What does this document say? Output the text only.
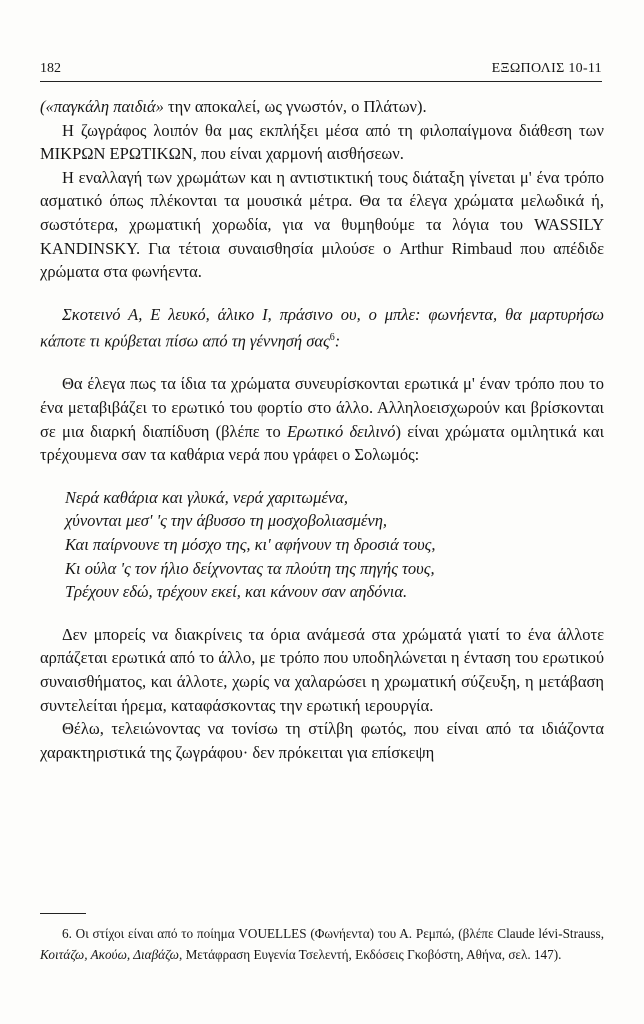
182	ΕΞΩΠΟΛΙΣ 10-11

(«παγκάλη παιδιά» την αποκαλεί, ως γνωστόν, ο Πλάτων).

Η ζωγράφος λοιπόν θα μας εκπλήξει μέσα από τη φιλοπαίγμονα διάθεση των ΜΙΚΡΩΝ ΕΡΩΤΙΚΩΝ, που είναι χαρμονή αισθήσεων.

Η εναλλαγή των χρωμάτων και η αντιστικτική τους διάταξη γίνεται μ' ένα τρόπο ασματικό όπως πλέκονται τα μουσικά μέτρα. Θα τα έλεγα χρώματα μελωδικά ή, σωστότερα, χρωματική χορωδία, για να θυμηθούμε τα λόγια του WASSILY KANDINSKY. Για τέτοια συναισθησία μιλούσε ο Arthur Rimbaud που απέδιδε χρώματα στα φωνήεντα.

Σκοτεινό Α, Ε λευκό, άλικο Ι, πράσινο ου, ο μπλε: φωνήεντα, θα μαρτυρήσω κάποτε τι κρύβεται πίσω από τη γέννησή σας$^6$:

Θα έλεγα πως τα ίδια τα χρώματα συνευρίσκονται ερωτικά μ' έναν τρόπο που το ένα μεταβιβάζει το ερωτικό του φορτίο στο άλλο. Αλληλοεισχωρούν και βρίσκονται σε μια διαρκή διαπίδυση (βλέπε το Ερωτικό δειλινό) είναι χρώματα ομιλητικά και τρέχουμενα σαν τα καθάρια νερά που γράφει ο Σολωμός:

Νερά καθάρια και γλυκά, νερά χαριτωμένα,
χύνονται μεσ' 'ς την άβυσσο τη μοσχοβολιασμένη,
Και παίρνουνε τη μόσχο της, κι' αφήνουν τη δροσιά τους,
Κι ούλα 'ς τον ήλιο δείχνοντας τα πλούτη της πηγής τους,
Τρέχουν εδώ, τρέχουν εκεί, και κάνουν σαν αηδόνια.

Δεν μπορείς να διακρίνεις τα όρια ανάμεσά στα χρώματά γιατί το ένα άλλοτε αρπάζεται ερωτικά από το άλλο, με τρόπο που υποδηλώνεται η ένταση του ερωτικού συναισθήματος, και άλλοτε, χωρίς να χαλαρώσει η χρωματική σύζευξη, η μετάβαση συντελείται ήρεμα, καταφάσκοντας την ερωτική ιερουργία.

Θέλω, τελειώνοντας να τονίσω τη στίλβη φωτός, που είναι από τα ιδιάζοντα χαρακτηριστικά της ζωγράφου· δεν πρόκειται για επίσκεψη

6. Οι στίχοι είναι από το ποίημα VOUELLES (Φωνήεντα) του Α. Ρεμπώ, (βλέπε Claude lévi-Strauss, Κοιτάζω, Ακούω, Διαβάζω, Μετάφραση Ευγενία Τσελεντή, Εκδόσεις Γκοβόστη, Αθήνα, σελ. 147).
